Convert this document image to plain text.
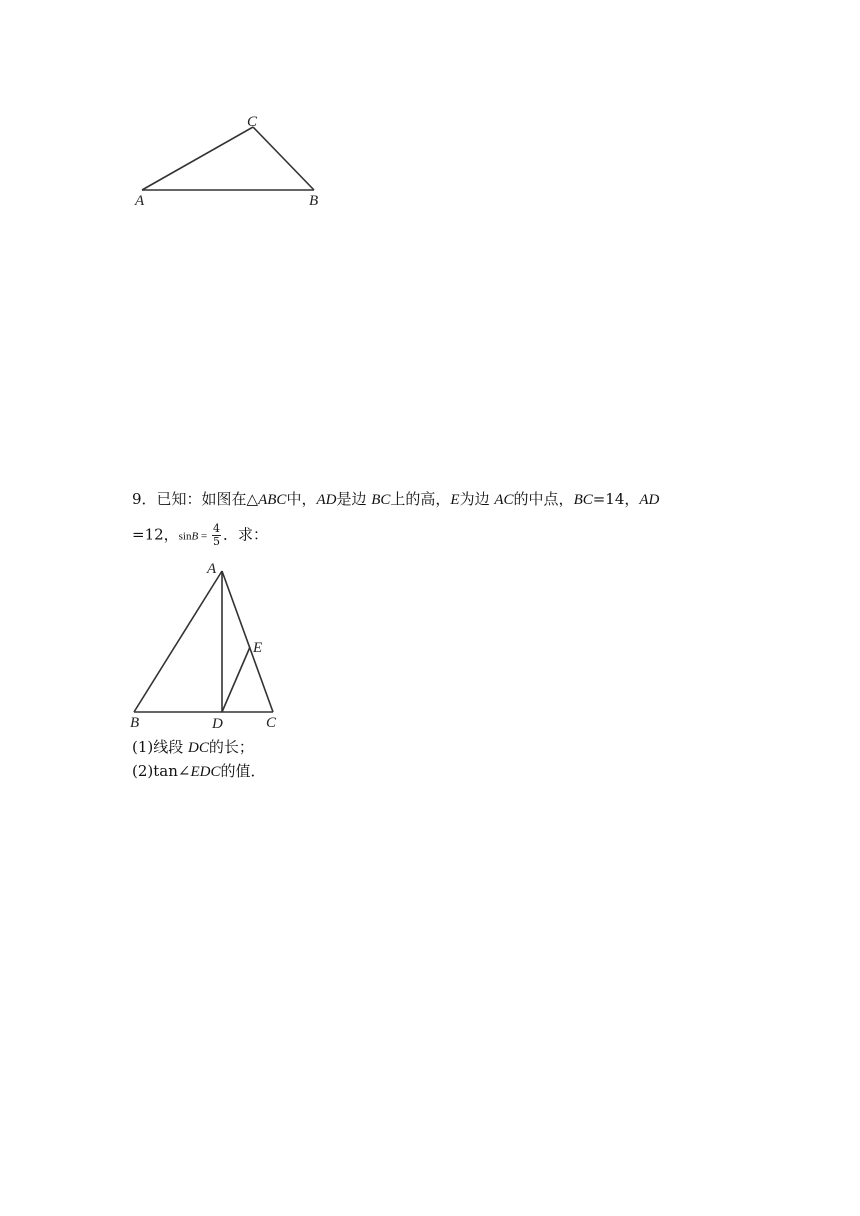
C
A	B
9．已知：如图在△ABC中，AD是边 BC上的高，E为边 AC的中点，BC=14，AD
=12，$\sin B = \frac{4}{5}$ ．求：
A
E
B	D	C
(1)线段 DC的长；
(2)tan∠EDC的值．
